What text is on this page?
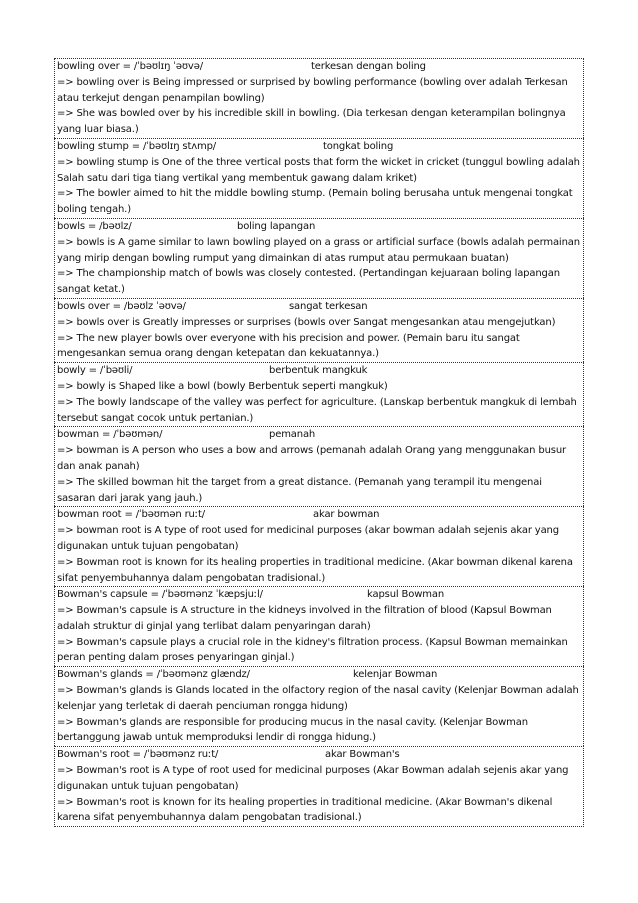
bowling over = /ˈbəʊlɪŋ ˈəʊvə/	terkesan dengan boling
=> bowling over is Being impressed or surprised by bowling performance (bowling over adalah Terkesan atau terkejut dengan penampilan bowling)
=> She was bowled over by his incredible skill in bowling. (Dia terkesan dengan keterampilan bolingnya yang luar biasa.)
bowling stump = /ˈbəʊlɪŋ stʌmp/	tongkat boling
=> bowling stump is One of the three vertical posts that form the wicket in cricket (tunggul bowling adalah Salah satu dari tiga tiang vertikal yang membentuk gawang dalam kriket)
=> The bowler aimed to hit the middle bowling stump. (Pemain boling berusaha untuk mengenai tongkat boling tengah.)
bowls = /bəʊlz/	boling lapangan
=> bowls is A game similar to lawn bowling played on a grass or artificial surface (bowls adalah permainan yang mirip dengan bowling rumput yang dimainkan di atas rumput atau permukaan buatan)
=> The championship match of bowls was closely contested. (Pertandingan kejuaraan boling lapangan sangat ketat.)
bowls over = /bəʊlz ˈəʊvə/	sangat terkesan
=> bowls over is Greatly impresses or surprises (bowls over Sangat mengesankan atau mengejutkan)
=> The new player bowls over everyone with his precision and power. (Pemain baru itu sangat mengesankan semua orang dengan ketepatan dan kekuatannya.)
bowly = /ˈbəʊli/	berbentuk mangkuk
=> bowly is Shaped like a bowl (bowly Berbentuk seperti mangkuk)
=> The bowly landscape of the valley was perfect for agriculture. (Lanskap berbentuk mangkuk di lembah tersebut sangat cocok untuk pertanian.)
bowman = /ˈbəʊmən/	pemanah
=> bowman is A person who uses a bow and arrows (pemanah adalah Orang yang menggunakan busur dan anak panah)
=> The skilled bowman hit the target from a great distance. (Pemanah yang terampil itu mengenai sasaran dari jarak yang jauh.)
bowman root = /ˈbəʊmən ruːt/	akar bowman
=> bowman root is A type of root used for medicinal purposes (akar bowman adalah sejenis akar yang digunakan untuk tujuan pengobatan)
=> Bowman root is known for its healing properties in traditional medicine. (Akar bowman dikenal karena sifat penyembuhannya dalam pengobatan tradisional.)
Bowman's capsule = /ˈbəʊmənz ˈkæpsjuːl/	kapsul Bowman
=> Bowman's capsule is A structure in the kidneys involved in the filtration of blood (Kapsul Bowman adalah struktur di ginjal yang terlibat dalam penyaringan darah)
=> Bowman's capsule plays a crucial role in the kidney's filtration process. (Kapsul Bowman memainkan peran penting dalam proses penyaringan ginjal.)
Bowman's glands = /ˈbəʊmənz glændz/	kelenjar Bowman
=> Bowman's glands is Glands located in the olfactory region of the nasal cavity (Kelenjar Bowman adalah kelenjar yang terletak di daerah penciuman rongga hidung)
=> Bowman's glands are responsible for producing mucus in the nasal cavity. (Kelenjar Bowman bertanggung jawab untuk memproduksi lendir di rongga hidung.)
Bowman's root = /ˈbəʊmənz ruːt/	akar Bowman's
=> Bowman's root is A type of root used for medicinal purposes (Akar Bowman adalah sejenis akar yang digunakan untuk tujuan pengobatan)
=> Bowman's root is known for its healing properties in traditional medicine. (Akar Bowman's dikenal karena sifat penyembuhannya dalam pengobatan tradisional.)
